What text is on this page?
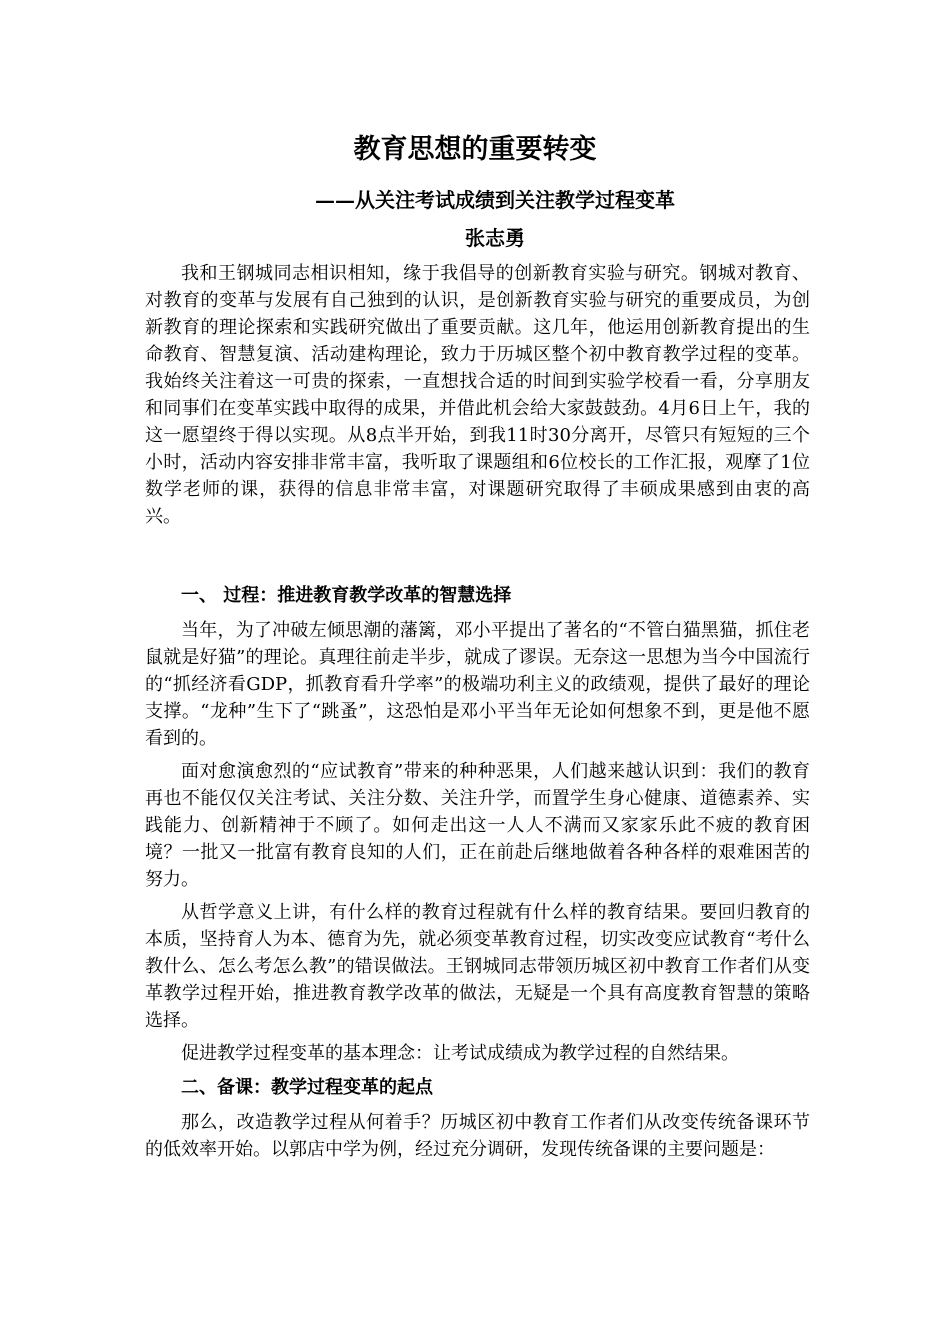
教育思想的重要转变
——从关注考试成绩到关注教学过程变革
张志勇

我和王钢城同志相识相知，缘于我倡导的创新教育实验与研究。钢城对教育、对教育的变革与发展有自己独到的认识，是创新教育实验与研究的重要成员，为创新教育的理论探索和实践研究做出了重要贡献。这几年，他运用创新教育提出的生命教育、智慧复演、活动建构理论，致力于历城区整个初中教育教学过程的变革。我始终关注着这一可贵的探索，一直想找合适的时间到实验学校看一看，分享朋友和同事们在变革实践中取得的成果，并借此机会给大家鼓鼓劲。4月6日上午，我的这一愿望终于得以实现。从8点半开始，到我11时30分离开，尽管只有短短的三个小时，活动内容安排非常丰富，我听取了课题组和6位校长的工作汇报，观摩了1位数学老师的课，获得的信息非常丰富，对课题研究取得了丰硕成果感到由衷的高兴。

一、 过程：推进教育教学改革的智慧选择

当年，为了冲破左倾思潮的藩篱，邓小平提出了著名的“不管白猫黑猫，抓住老鼠就是好猫”的理论。真理往前走半步，就成了谬误。无奈这一思想为当今中国流行的“抓经济看GDP，抓教育看升学率”的极端功利主义的政绩观，提供了最好的理论支撑。“龙种”生下了“跳蚤”，这恐怕是邓小平当年无论如何想象不到，更是他不愿看到的。

面对愈演愈烈的“应试教育”带来的种种恶果，人们越来越认识到：我们的教育再也不能仅仅关注考试、关注分数、关注升学，而置学生身心健康、道德素养、实践能力、创新精神于不顾了。如何走出这一人人不满而又家家乐此不疲的教育困境？一批又一批富有教育良知的人们，正在前赴后继地做着各种各样的艰难困苦的努力。

从哲学意义上讲，有什么样的教育过程就有什么样的教育结果。要回归教育的本质，坚持育人为本、德育为先，就必须变革教育过程，切实改变应试教育“考什么教什么、怎么考怎么教”的错误做法。王钢城同志带领历城区初中教育工作者们从变革教学过程开始，推进教育教学改革的做法，无疑是一个具有高度教育智慧的策略选择。

促进教学过程变革的基本理念：让考试成绩成为教学过程的自然结果。

二、备课：教学过程变革的起点

那么，改造教学过程从何着手？历城区初中教育工作者们从改变传统备课环节的低效率开始。以郭店中学为例，经过充分调研，发现传统备课的主要问题是：
